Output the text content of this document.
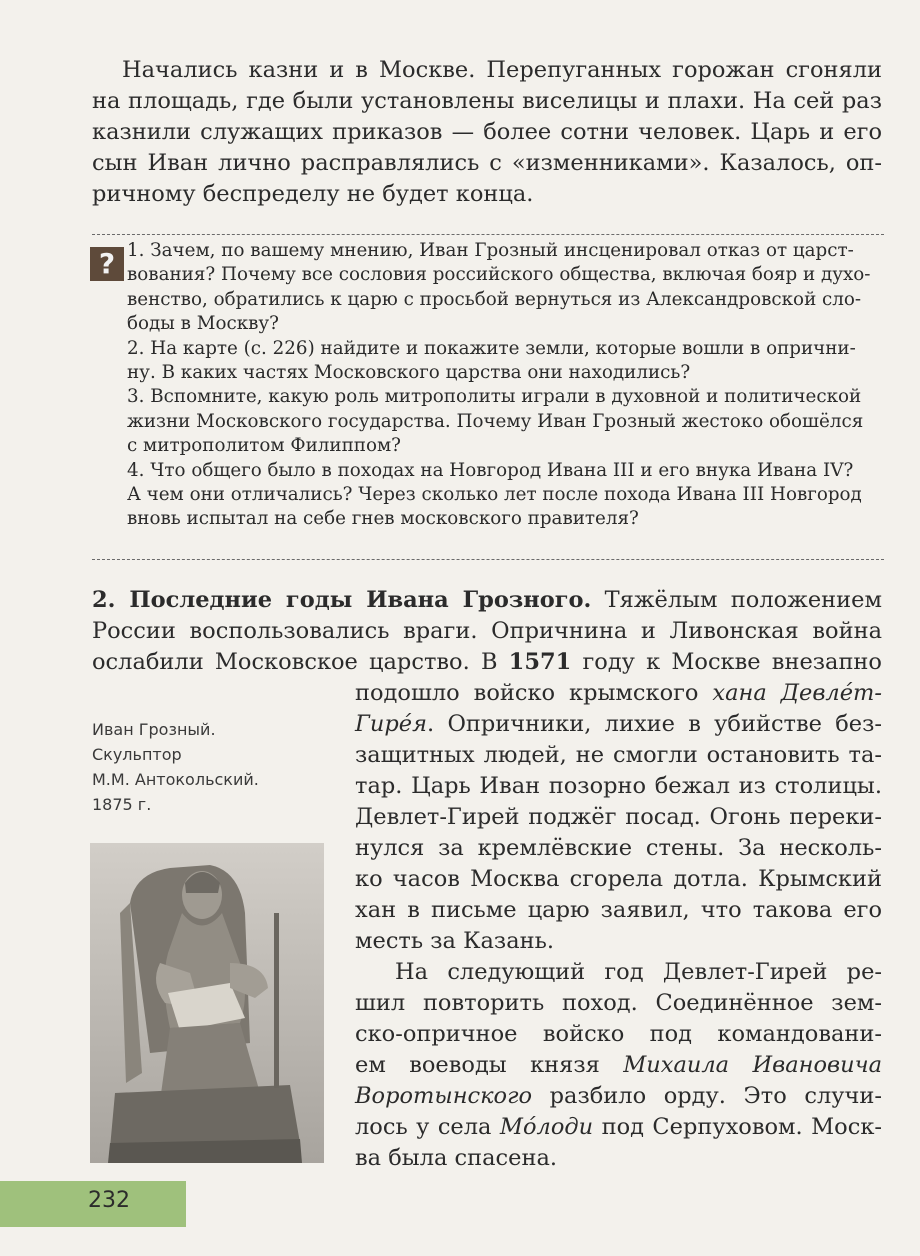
Начались казни и в Москве. Перепуганных горожан сгоняли
на площадь, где были установлены виселицы и плахи. На сей раз
казнили служащих приказов — более сотни человек. Царь и его
сын Иван лично расправлялись с «изменниками». Казалось, оп-
ричному беспределу не будет конца.
? 1. Зачем, по вашему мнению, Иван Грозный инсценировал отказ от царст-
вования? Почему все сословия российского общества, включая бояр и духо-
венство, обратились к царю с просьбой вернуться из Александровской сло-
боды в Москву?
2. На карте (с. 226) найдите и покажите земли, которые вошли в опрични-
ну. В каких частях Московского царства они находились?
3. Вспомните, какую роль митрополиты играли в духовной и политической
жизни Московского государства. Почему Иван Грозный жестоко обошёлся
с митрополитом Филиппом?
4. Что общего было в походах на Новгород Ивана III и его внука Ивана IV?
А чем они отличались? Через сколько лет после похода Ивана III Новгород
вновь испытал на себе гнев московского правителя?
2. Последние годы Ивана Грозного. Тяжёлым положением
России воспользовались враги. Опричнина и Ливонская война
ослабили Московское царство. В 1571 году к Москве внезапно
подошло войско крымского хана Девлéт-
Гирéя. Опричники, лихие в убийстве без-
защитных людей, не смогли остановить та-
тар. Царь Иван позорно бежал из столицы.
Девлет-Гирей поджёг посад. Огонь переки-
нулся за кремлёвские стены. За несколь-
ко часов Москва сгорела дотла. Крымский
хан в письме царю заявил, что такова его
месть за Казань.
На следующий год Девлет-Гирей ре-
шил повторить поход. Соединённое зем-
ско-опричное войско под командовани-
ем воеводы князя Михаила Ивановича
Воротынского разбило орду. Это случи-
лось у села Мóлоди под Серпуховом. Моск-
ва была спасена.
Иван Грозный.
Скульптор
М.М. Антокольский.
1875 г.
232
